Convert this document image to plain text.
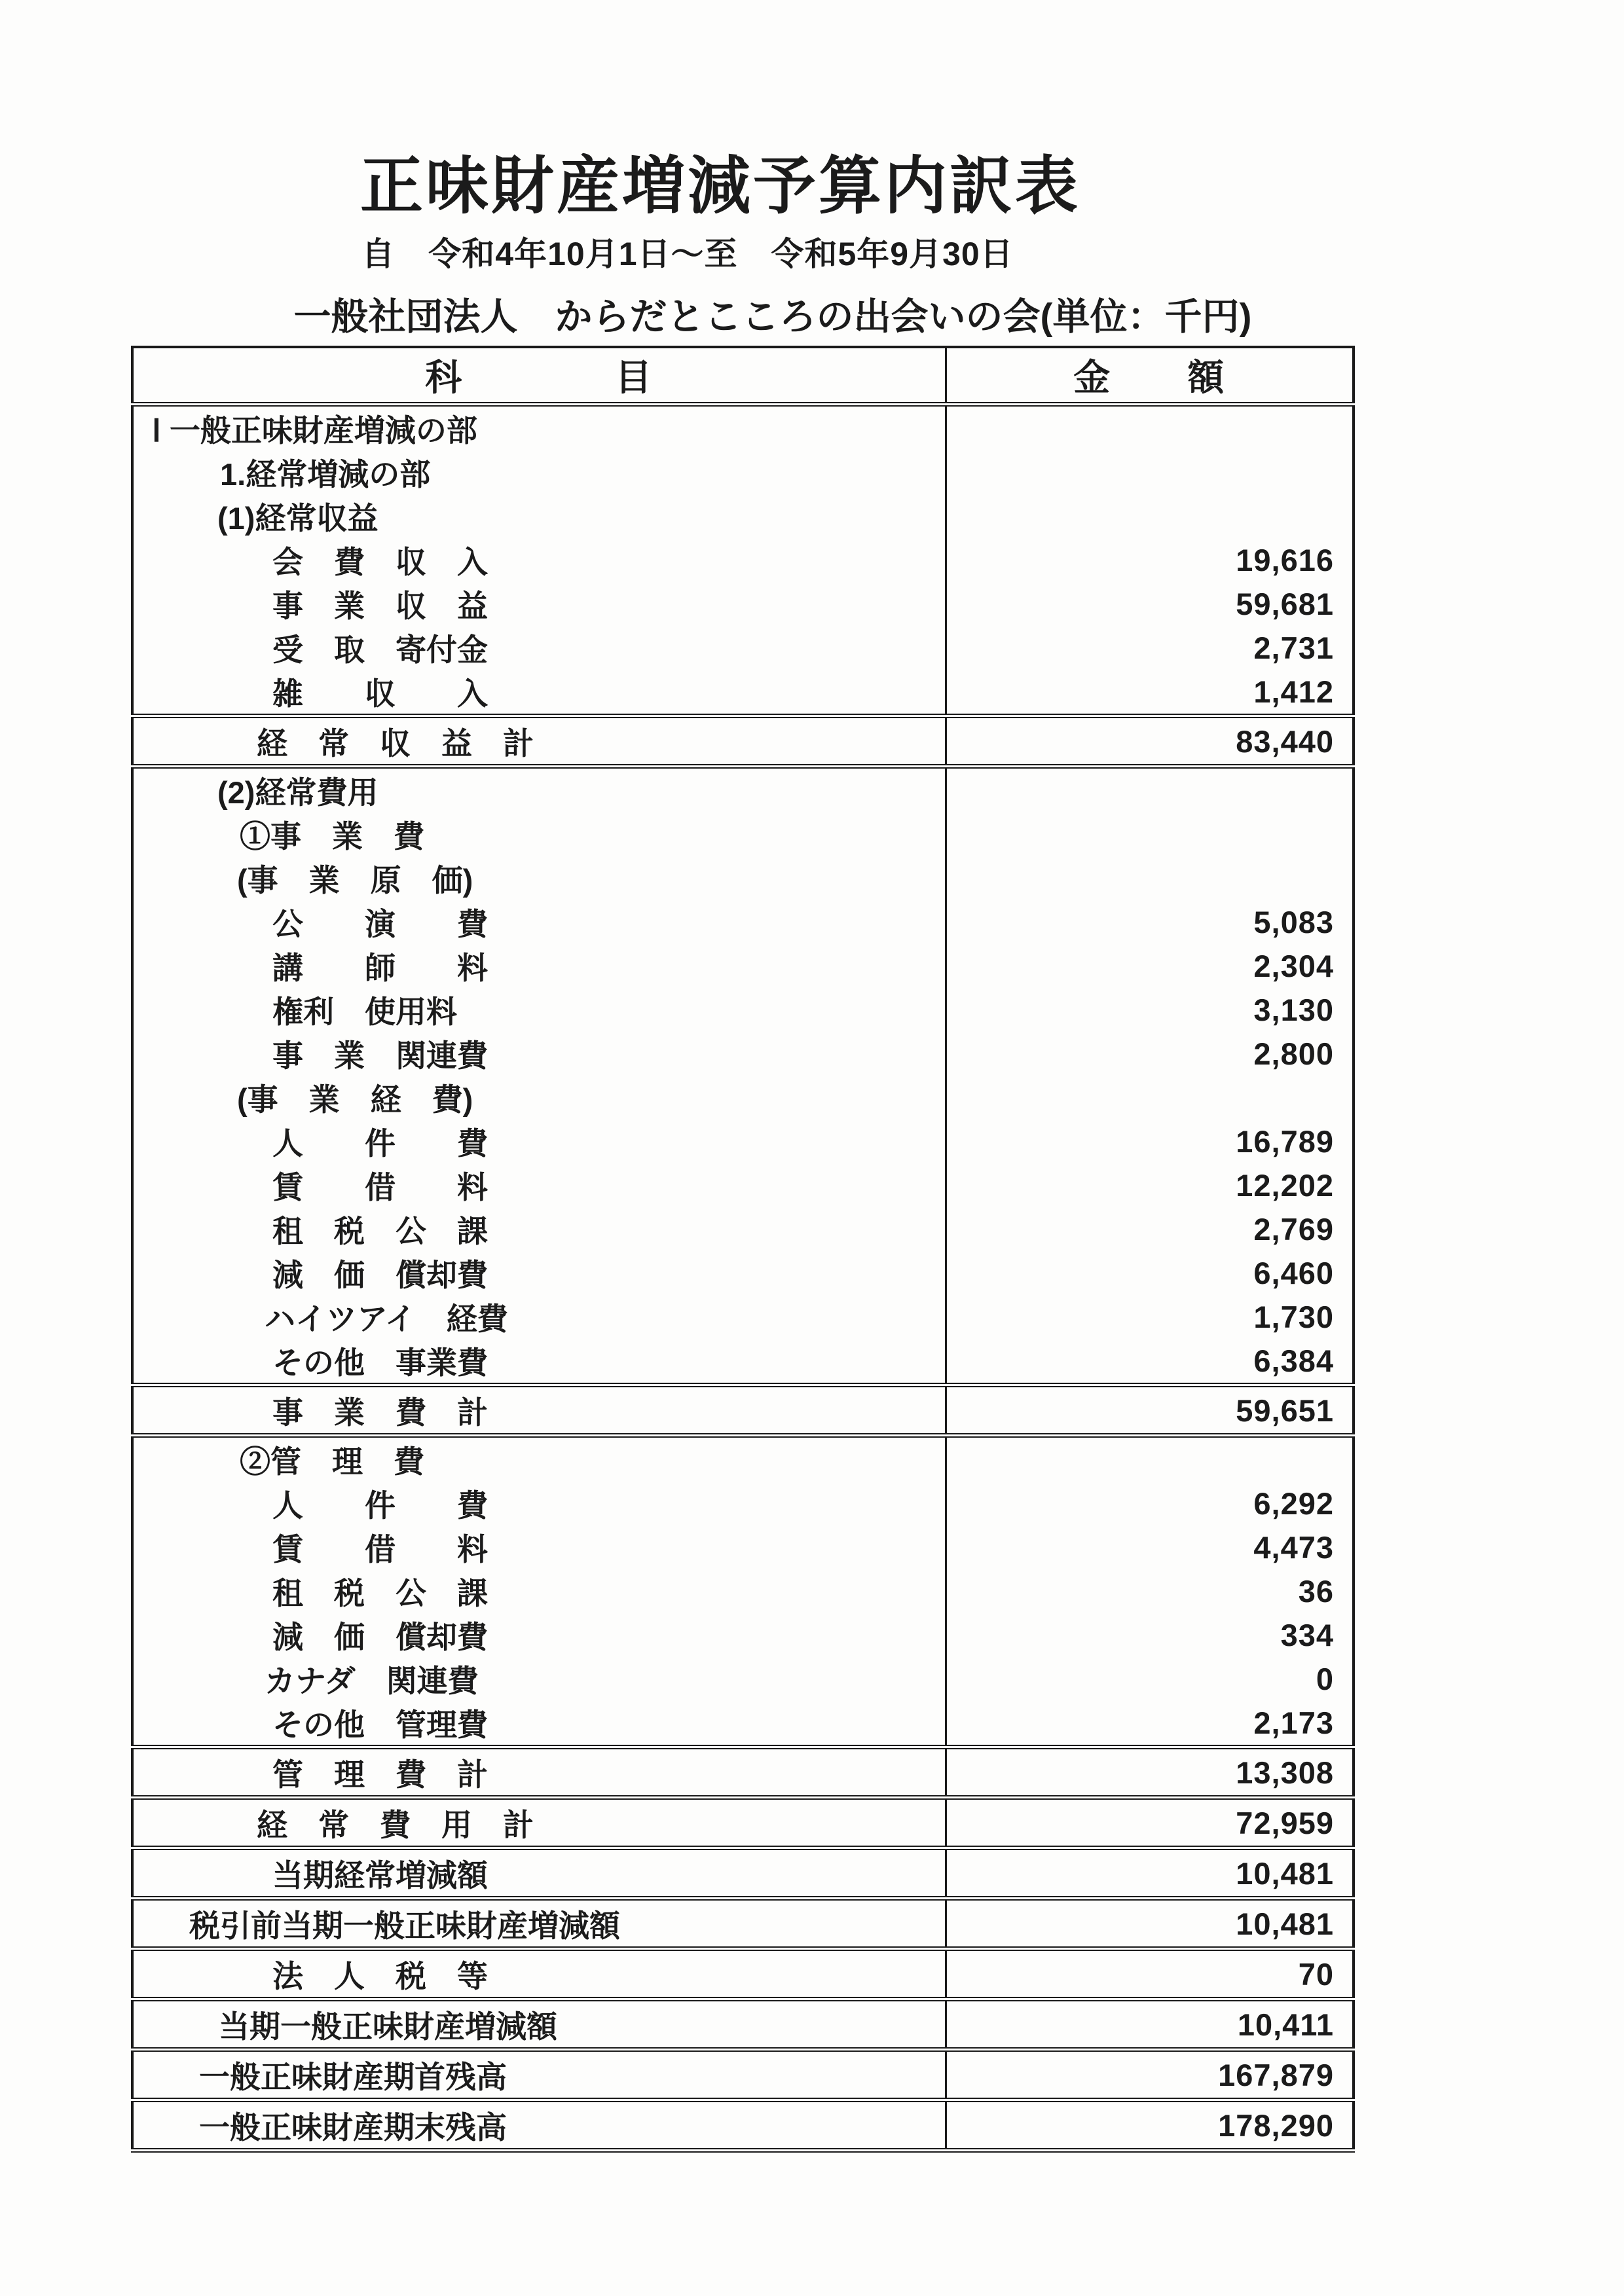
正味財産増減予算内訳表
自　令和4年10月1日～至　令和5年9月30日
一般社団法人　からだとこころの出会いの会(単位：千円)
科　　　　目	金　　額
Ⅰ 一般正味財産増減の部	
1.経常増減の部	
(1)経常収益	
会　費　収　入	19,616
事　業　収　益	59,681
受　取　寄付金	2,731
雑　　収　　入	1,412
経　常　収　益　計	83,440
(2)経常費用	
①事　業　費	
(事　業　原　価)	
公　　演　　費	5,083
講　　師　　料	2,304
権利　使用料	3,130
事　業　関連費	2,800
(事　業　経　費)	
人　　件　　費	16,789
賃　　借　　料	12,202
租　税　公　課	2,769
減　価　償却費	6,460
ハイツアイ　経費	1,730
その他　事業費	6,384
事　業　費　計	59,651
②管　理　費	
人　　件　　費	6,292
賃　　借　　料	4,473
租　税　公　課	36
減　価　償却費	334
カナダ　関連費	0
その他　管理費	2,173
管　理　費　計	13,308
経　常　費　用　計	72,959
当期経常増減額	10,481
税引前当期一般正味財産増減額	10,481
法　人　税　等	70
当期一般正味財産増減額	10,411
一般正味財産期首残高	167,879
一般正味財産期末残高	178,290
